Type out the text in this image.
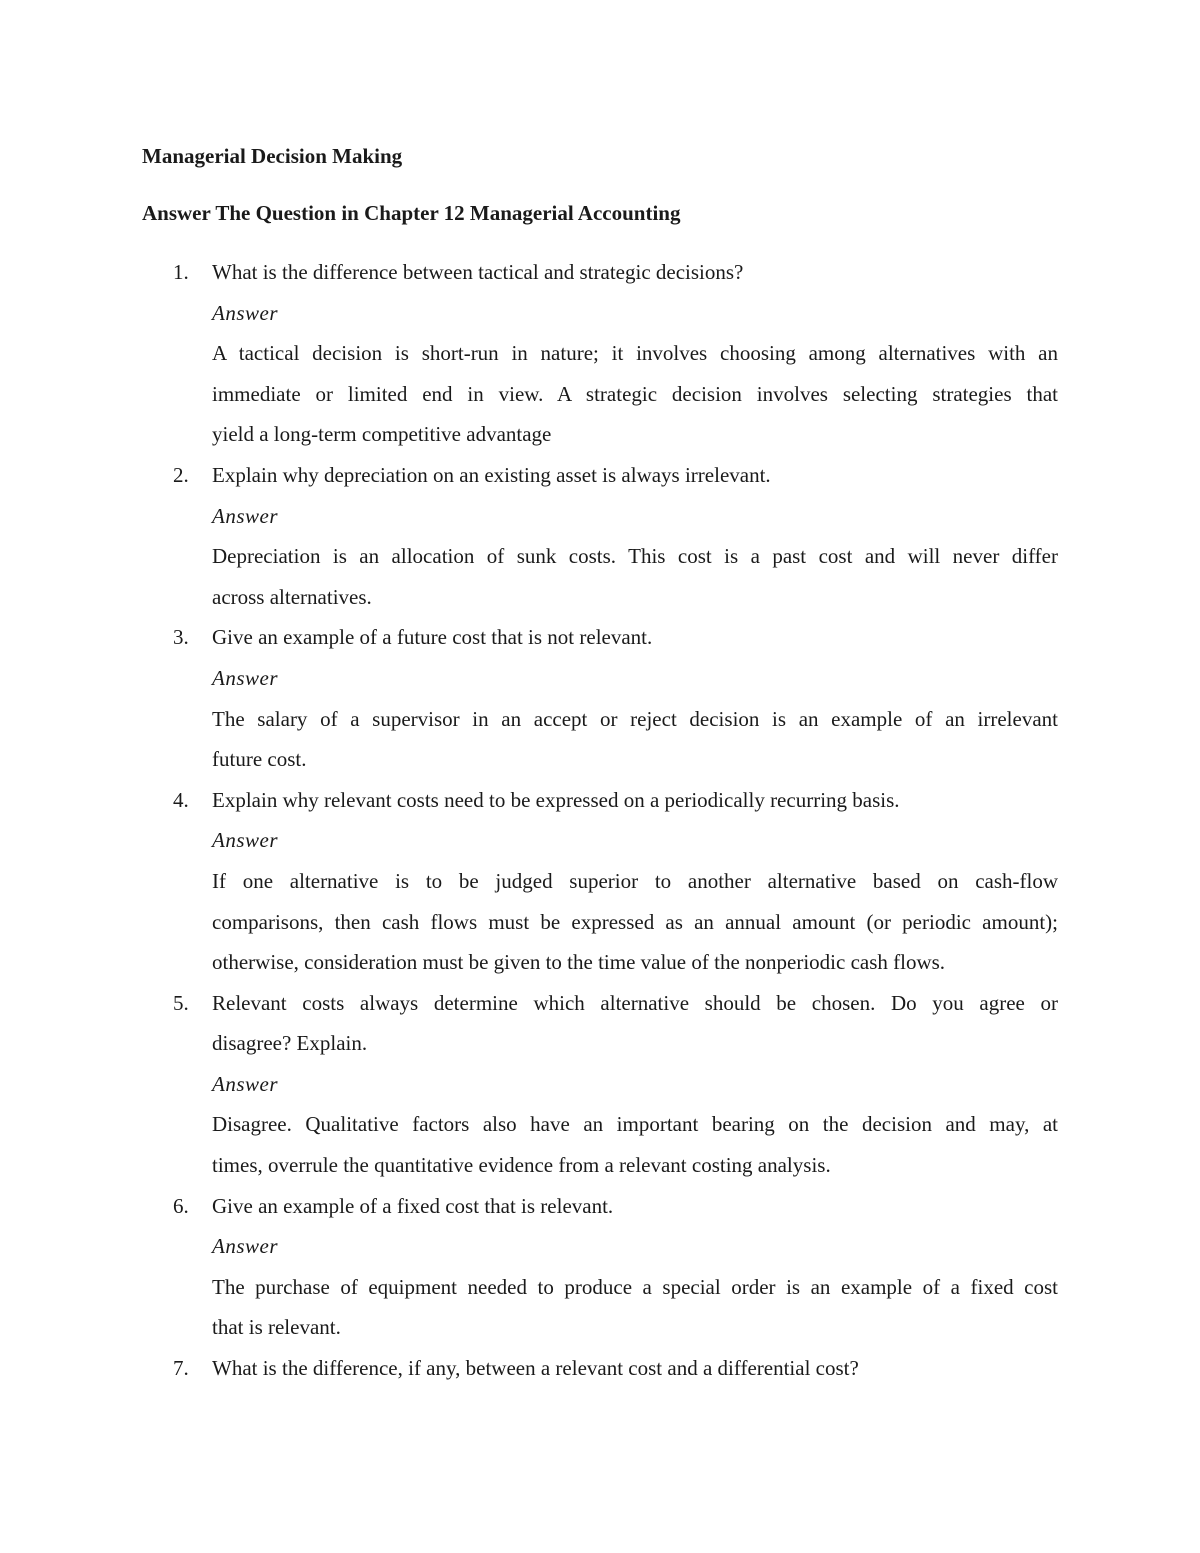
Managerial Decision Making
Answer The Question in Chapter 12 Managerial Accounting
1.	What is the difference between tactical and strategic decisions?
Answer
A tactical decision is short-run in nature; it involves choosing among alternatives with an
immediate or limited end in view. A strategic decision involves selecting strategies that
yield a long-term competitive advantage
2.	Explain why depreciation on an existing asset is always irrelevant.
Answer
Depreciation is an allocation of sunk costs. This cost is a past cost and will never differ
across alternatives.
3.	Give an example of a future cost that is not relevant.
Answer
The salary of a supervisor in an accept or reject decision is an example of an irrelevant
future cost.
4.	Explain why relevant costs need to be expressed on a periodically recurring basis.
Answer
If one alternative is to be judged superior to another alternative based on cash-flow
comparisons, then cash flows must be expressed as an annual amount (or periodic amount);
otherwise, consideration must be given to the time value of the nonperiodic cash flows.
5.	Relevant costs always determine which alternative should be chosen. Do you agree or
disagree? Explain.
Answer
Disagree. Qualitative factors also have an important bearing on the decision and may, at
times, overrule the quantitative evidence from a relevant costing analysis.
6.	Give an example of a fixed cost that is relevant.
Answer
The purchase of equipment needed to produce a special order is an example of a fixed cost
that is relevant.
7.	What is the difference, if any, between a relevant cost and a differential cost?
